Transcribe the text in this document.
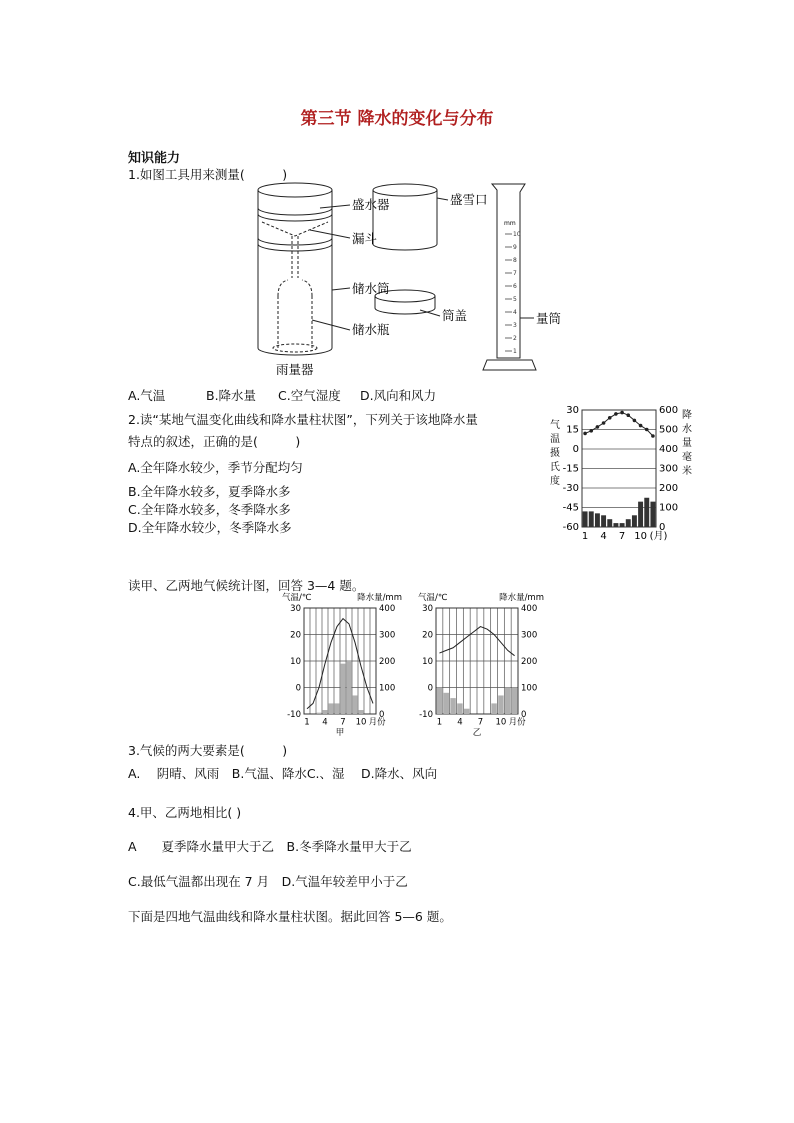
第三节 降水的变化与分布
知识能力
1.如图工具用来测量(　　　)
mm
10
9
8
7
6
5
4
3
2
1
盛水器
漏斗
储水筒
储水瓶
雨量器
盛雪口
筒盖	量筒
A.气温	B.降水量 C.空气湿度 D.风向和风力
2.读“某地气温变化曲线和降水量柱状图”，下列关于该地降水量
特点的叙述，正确的是(　　　)
A.全年降水较少，季节分配均匀
B.全年降水较多，夏季降水多
C.全年降水较多，冬季降水多
D.全年降水较少，冬季降水多
气
温
摄
氏
度
降
水
量
毫
米
30
15
0
-15
-30
-45
-60
600
500
400
300
200
100
0
1 4 7 10 (月)
读甲、乙两地气候统计图，回答 3—4 题。
30
20
10
0
-10
400
300
200
100
0
1 4 7 10 月份
气温/℃	降水量/mm
甲
30
20
10
0
-10
400
300
200
100
0
1 4 7 10 月份
气温/℃	降水量/mm
乙
3.气候的两大要素是(　　　)
A.　 阴晴、风雨　B.气温、降水C.、湿　 D.降水、风向
4.甲、乙两地相比( )
A　　夏季降水量甲大于乙　B.冬季降水量甲大于乙
C.最低气温都出现在 7 月　D.气温年较差甲小于乙
下面是四地气温曲线和降水量柱状图。据此回答 5—6 题。
